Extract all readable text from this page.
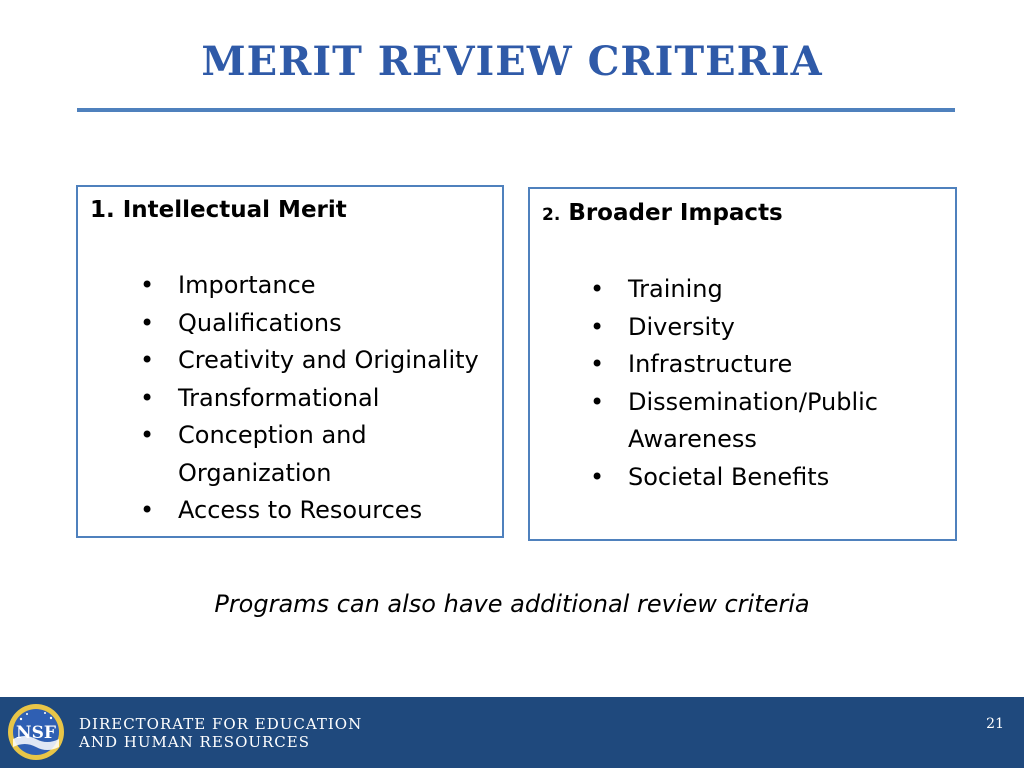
MERIT REVIEW CRITERIA
1. Intellectual Merit
• Importance
• Qualifications
• Creativity and Originality
• Transformational
• Conception and Organization
• Access to Resources
2. Broader Impacts
• Training
• Diversity
• Infrastructure
• Dissemination/Public Awareness
• Societal Benefits
Programs can also have additional review criteria
NSF DIRECTORATE FOR EDUCATION
AND HUMAN RESOURCES
21
